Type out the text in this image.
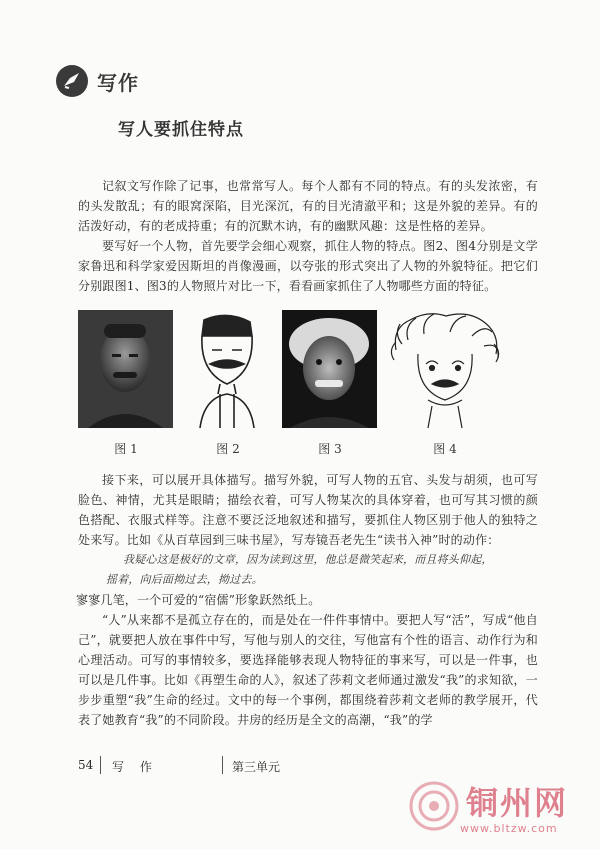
写作
写人要抓住特点

记叙文写作除了记事，也常常写人。每个人都有不同的特点。有的头发浓密，有的头发散乱；有的眼窝深陷，目光深沉，有的目光清澈平和；这是外貌的差异。有的活泼好动，有的老成持重；有的沉默木讷，有的幽默风趣：这是性格的差异。

要写好一个人物，首先要学会细心观察，抓住人物的特点。图2、图4分别是文学家鲁迅和科学家爱因斯坦的肖像漫画，以夸张的形式突出了人物的外貌特征。把它们分别跟图1、图3的人物照片对比一下，看看画家抓住了人物哪些方面的特征。

图 1	图 2	图 3	图 4

接下来，可以展开具体描写。描写外貌，可写人物的五官、头发与胡须，也可写脸色、神情，尤其是眼睛；描绘衣着，可写人物某次的具体穿着，也可写其习惯的颜色搭配、衣服式样等。注意不要泛泛地叙述和描写，要抓住人物区别于他人的独特之处来写。比如《从百草园到三味书屋》，写寿镜吾老先生“读书入神”时的动作：

我疑心这是极好的文章，因为读到这里，他总是微笑起来，而且将头仰起，
摇着，向后面拗过去，拗过去。

寥寥几笔，一个可爱的“宿儒”形象跃然纸上。

“人”从来都不是孤立存在的，而是处在一件件事情中。要把人写“活”，写成“他自己”，就要把人放在事件中写，写他与别人的交往，写他富有个性的语言、动作行为和心理活动。可写的事情较多，要选择能够表现人物特征的事来写，可以是一件事，也可以是几件事。比如《再塑生命的人》，叙述了莎莉文老师通过激发“我”的求知欲，一步步重塑“我”生命的经过。文中的每一个事例，都围绕着莎莉文老师的教学展开，代表了她教育“我”的不同阶段。井房的经历是全文的高潮，“我”的学

54 写 作	第三单元
铜州网
www.bltzw.com
